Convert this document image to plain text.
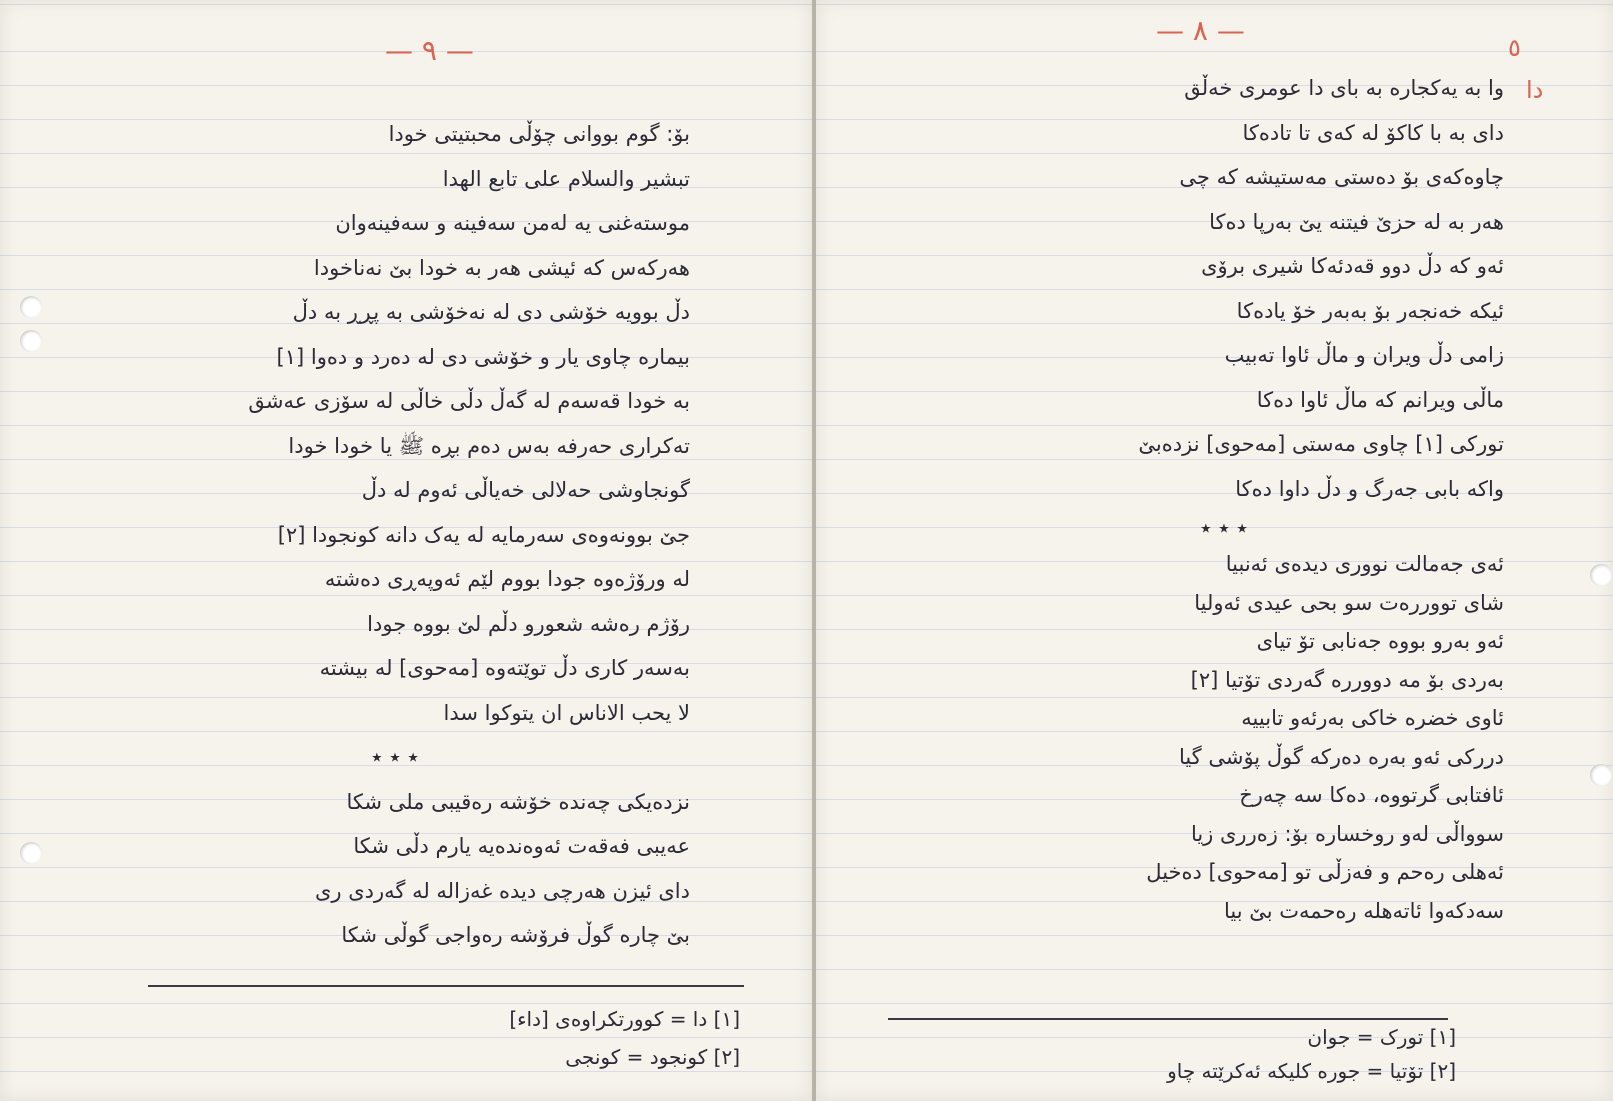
— ٩ —
بۆ: گوم بووانی چۆڵی محبتیتی خودا
تبشیر والسلام علی تابع الهدا
موستەغنی یە لەمن سەفینە و سەفینەوان
هەرکەس کە ئیشی هەر بە خودا بێ نەناخودا
دڵ بوویە خۆشی دی لە نەخۆشی بە پڕڕ بە دڵ
بیمارە چاوی یار و خۆشی دی لە دەرد و دەوا [١]
بە خودا قەسەم لە گەڵ دڵی خاڵی لە سۆزی عەشق
تەکراری حەرفە بەس دەم بڕە ﷺ یا خودا خودا
گونجاوشی حەلالی خەیاڵی ئەوم لە دڵ
جێ بوونەوەی سەرمایە لە یەک دانە کونجودا [٢]
لە ورۆژەوە جودا بووم لێم ئەوپەڕی دەشتە
رۆژم رەشە شعورو دڵم لێ بووە جودا
بەسەر کاری دڵ توێتەوە [مەحوی] لە بیشتە
لا یحب الاناس ان یتوکوا سدا
٭ ٭ ٭
نزدەیکی چەندە خۆشە رەقیبی ملی شکا
عەیبی فەقەت ئەوەندەیە یارم دڵی شکا
دای ئیزن هەرچی دیدە غەزالە لە گەردی ری
بێ چارە گوڵ فرۆشە رەواجی گوڵی شکا
[١] دا = کوورتکراوەی [داء]
[٢] کونجود = کونجی
— ٨ —
٥
دا
وا بە یەکجارە بە بای دا عومری خەڵق
دای بە با کاکۆ لە کەی تا تادەکا
چاوەکەی بۆ دەستی مەستیشە کە چی
هەر بە لە حزێ فیتنە یێ بەرپا دەکا
ئەو کە دڵ دوو قەدئەکا شیری برۆی
ئیکە خەنجەر بۆ بەبەر خۆ یادەکا
زامی دڵ ویران و ماڵ ئاوا تەبیب
ماڵی ویرانم کە ماڵ ئاوا دەکا
تورکی [١] چاوی مەستی [مەحوی] نزدەبێ
واکە بابی جەرگ و دڵ داوا دەکا
٭ ٭ ٭
ئەی جەمالت نووری دیدەی ئەنبیا
شای تووررەت سو بحی عیدی ئەولیا
ئەو بەرو بووە جەنابی تۆ تیای
بەردی بۆ مە دووررە گەردی تۆتیا [٢]
ئاوی خضرە خاکی بەرئەو تابییە
دررکی ئەو بەرە دەرکە گوڵ پۆشی گیا
ئافتابی گرتووە، دەکا سە چەرخ
سوواڵی لەو روخسارە بۆ: زەرری زیا
ئەهلی رەحم و فەزڵی تو [مەحوی] دەخیل
سەدکەوا ئاتەهلە رەحمەت بێ بیا
[١] تورک = جوان
[٢] تۆتیا = جورە کلیکە ئەکرێتە چاو
